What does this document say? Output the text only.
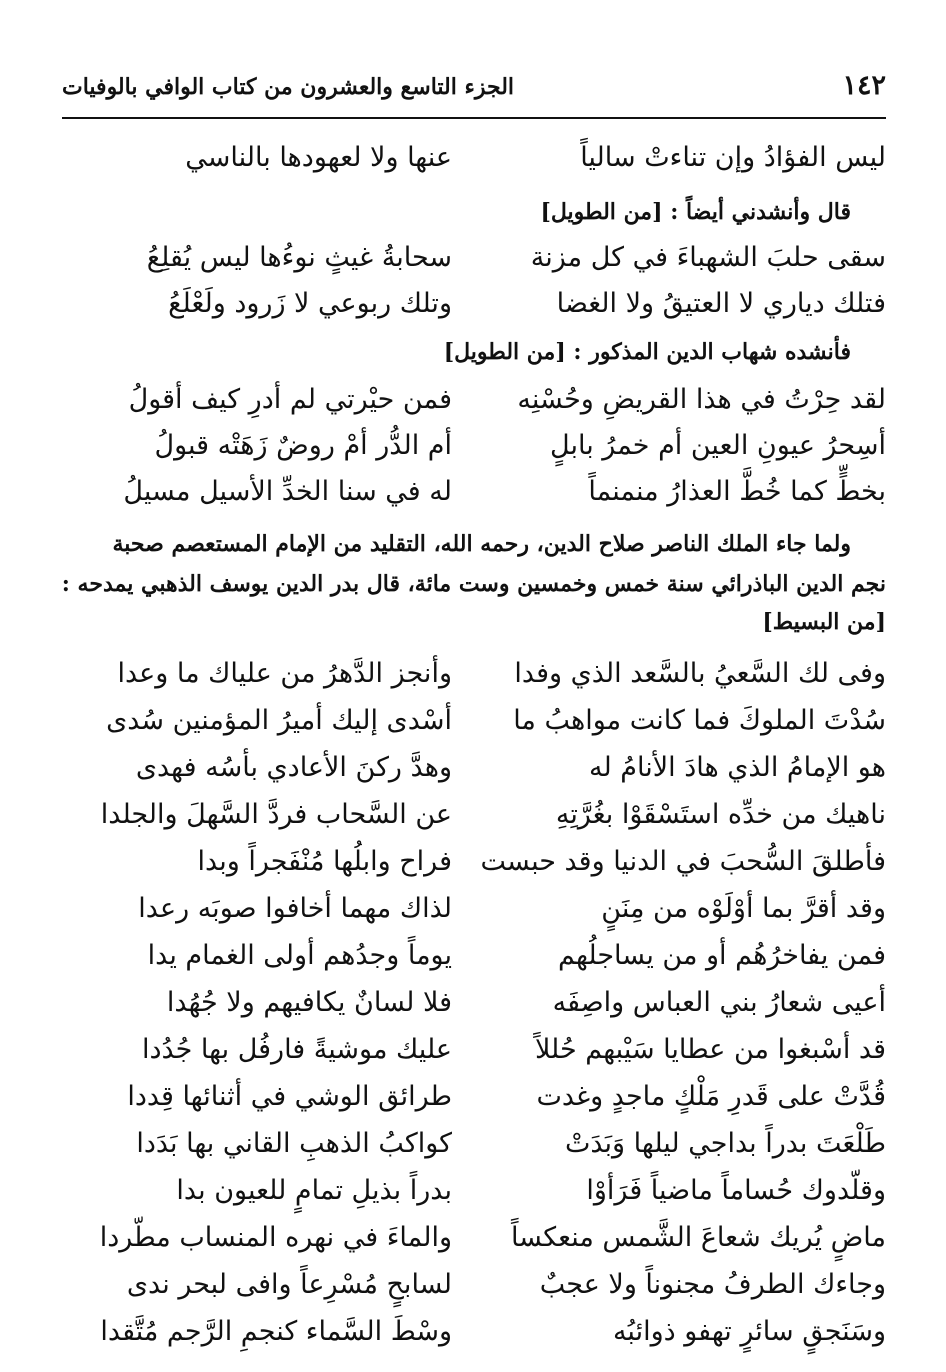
١٤٢
الجزء التاسع والعشرون من كتاب الوافي بالوفيات
ليس الفؤادُ وإن تناءتْ سالياً
عنها ولا لعهودها بالناسي
قال وأنشدني أيضاً : [من الطويل]
سقى حلبَ الشهباءَ في كل مزنة
سحابةُ غيثٍ نوءُها ليس يُقلِعُ
فتلك دياري لا العتيقُ ولا الغضا
وتلك ربوعي لا زَرود ولَعْلَعُ
فأنشده شهاب الدين المذكور : [من الطويل]
لقد حِرْتُ في هذا القريضِ وحُسْنِه
فمن حيْرتي لم أدرِ كيف أقولُ
أسِحرُ عيونِ العين أم خمرُ بابلٍ
أم الدُّر أمْ روضٌ زَهَتْه قبولُ
بخطٍّ كما خُطَّ العذارُ منمنماً
له في سنا الخدِّ الأسيل مسيلُ
ولما جاء الملك الناصر صلاح الدين، رحمه الله، التقليد من الإمام المستعصم صحبة
نجم الدين الباذرائي سنة خمس وخمسين وست مائة، قال بدر الدين يوسف الذهبي يمدحه :
[من البسيط]
وفى لك السَّعيُ بالسَّعد الذي وفدا
وأنجز الدَّهرُ من علياك ما وعدا
سُدْتَ الملوكَ فما كانت مواهبُ ما
أسْدى إليك أميرُ المؤمنين سُدى
هو الإمامُ الذي هادَ الأنامُ له
وهدَّ ركنَ الأعادي بأسُه فهدى
ناهيك من خدِّه استَسْقَوْا بغُرَّتِهِ
عن السَّحاب فردَّ السَّهلَ والجلدا
فأطلقَ السُّحبَ في الدنيا وقد حبست
فراح وابلُها مُنْفَجراً وبدا
وقد أقرَّ بما أوْلَوْه من مِنَنٍ
لذاك مهما أخافوا صوبَه رعدا
فمن يفاخرُهُم أو من يساجلُهم
يوماً وجدُهم أولى الغمام يدا
أعيى شعارُ بني العباس واصِفَه
فلا لسانٌ يكافيهم ولا جُهُدا
قد أسْبغوا من عطايا سَيْبهم حُللاً
عليك موشيةً فارفُل بها جُدُدا
قُدَّتْ على قَدرِ مَلْكٍ ماجدٍ وغدت
طرائق الوشي في أثنائها قِددا
طَلْعَتَ بدراً بداجي ليلها وَبَدَتْ
كواكبُ الذهبِ القاني بها بَدَدا
وقلّدوك حُساماً ماضياً فَرَأوْا
بدراً بذيلِ تمامٍ للعيون بدا
ماضٍ يُريك شعاعَ الشَّمس منعكساً
والماءَ في نهره المنساب مطّردا
وجاءك الطرفُ مجنوناً ولا عجبٌ
لسابحٍ مُسْرِعاً وافى لبحر ندى
وسَنَجقٍ سائرٍ تهفو ذوائبُه
وسْطَ السَّماء كنجمِ الرَّجم مُتَّقدا
